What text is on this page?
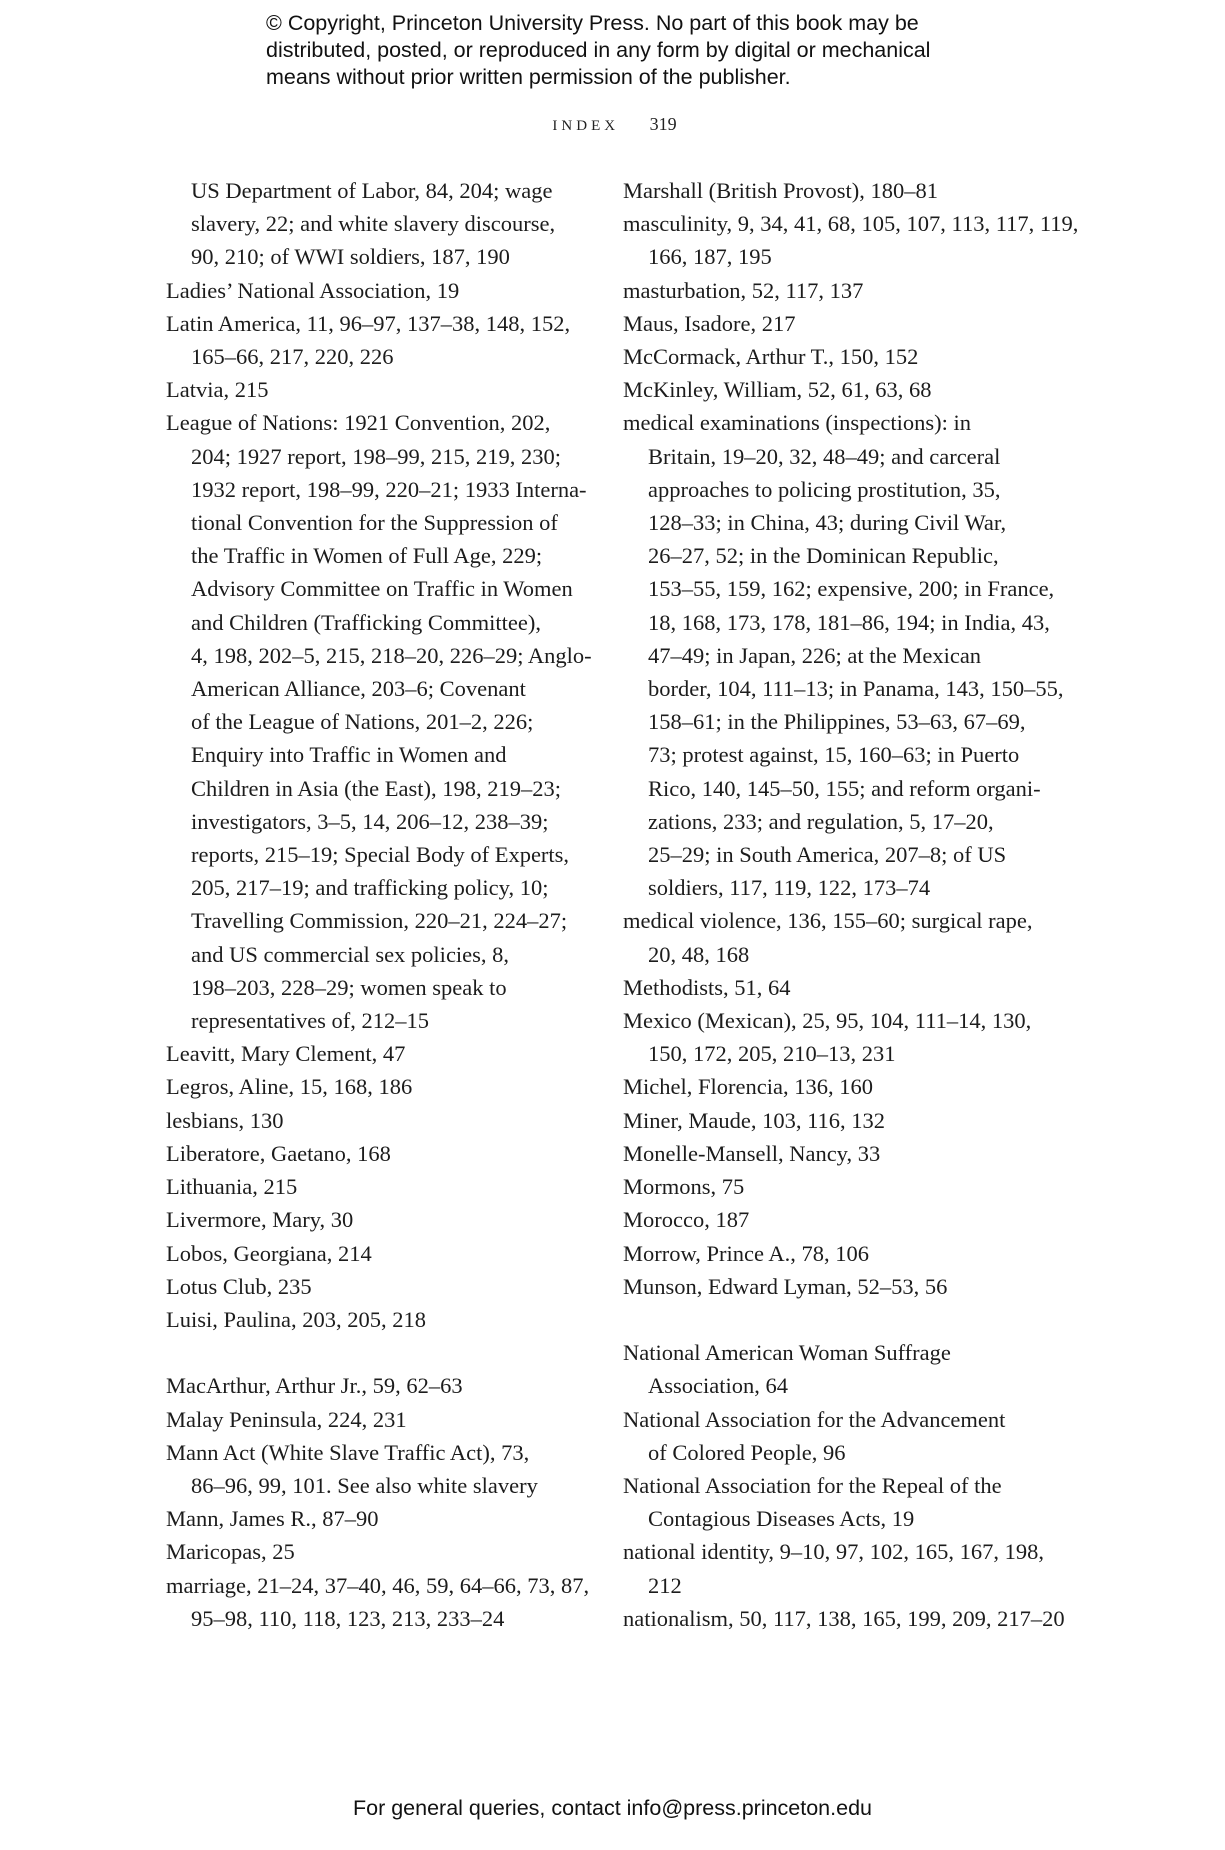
© Copyright, Princeton University Press. No part of this book may be
distributed, posted, or reproduced in any form by digital or mechanical
means without prior written permission of the publisher.
INDEX 319
US Department of Labor, 84, 204; wage
slavery, 22; and white slavery discourse,
90, 210; of WWI soldiers, 187, 190
Ladies’ National Association, 19
Latin America, 11, 96–97, 137–38, 148, 152,
165–66, 217, 220, 226
Latvia, 215
League of Nations: 1921 Convention, 202,
204; 1927 report, 198–99, 215, 219, 230;
1932 report, 198–99, 220–21; 1933 Interna-
tional Convention for the Suppression of
the Traffic in Women of Full Age, 229;
Advisory Committee on Traffic in Women
and Children (Trafficking Committee),
4, 198, 202–5, 215, 218–20, 226–29; Anglo-
American Alliance, 203–6; Covenant
of the League of Nations, 201–2, 226;
Enquiry into Traffic in Women and
Children in Asia (the East), 198, 219–23;
investigators, 3–5, 14, 206–12, 238–39;
reports, 215–19; Special Body of Experts,
205, 217–19; and trafficking policy, 10;
Travelling Commission, 220–21, 224–27;
and US commercial sex policies, 8,
198–203, 228–29; women speak to
representatives of, 212–15
Leavitt, Mary Clement, 47
Legros, Aline, 15, 168, 186
lesbians, 130
Liberatore, Gaetano, 168
Lithuania, 215
Livermore, Mary, 30
Lobos, Georgiana, 214
Lotus Club, 235
Luisi, Paulina, 203, 205, 218
MacArthur, Arthur Jr., 59, 62–63
Malay Peninsula, 224, 231
Mann Act (White Slave Traffic Act), 73,
86–96, 99, 101. See also white slavery
Mann, James R., 87–90
Maricopas, 25
marriage, 21–24, 37–40, 46, 59, 64–66, 73, 87,
95–98, 110, 118, 123, 213, 233–24
Marshall (British Provost), 180–81
masculinity, 9, 34, 41, 68, 105, 107, 113, 117, 119,
166, 187, 195
masturbation, 52, 117, 137
Maus, Isadore, 217
McCormack, Arthur T., 150, 152
McKinley, William, 52, 61, 63, 68
medical examinations (inspections): in
Britain, 19–20, 32, 48–49; and carceral
approaches to policing prostitution, 35,
128–33; in China, 43; during Civil War,
26–27, 52; in the Dominican Republic,
153–55, 159, 162; expensive, 200; in France,
18, 168, 173, 178, 181–86, 194; in India, 43,
47–49; in Japan, 226; at the Mexican
border, 104, 111–13; in Panama, 143, 150–55,
158–61; in the Philippines, 53–63, 67–69,
73; protest against, 15, 160–63; in Puerto
Rico, 140, 145–50, 155; and reform organi-
zations, 233; and regulation, 5, 17–20,
25–29; in South America, 207–8; of US
soldiers, 117, 119, 122, 173–74
medical violence, 136, 155–60; surgical rape,
20, 48, 168
Methodists, 51, 64
Mexico (Mexican), 25, 95, 104, 111–14, 130,
150, 172, 205, 210–13, 231
Michel, Florencia, 136, 160
Miner, Maude, 103, 116, 132
Monelle-Mansell, Nancy, 33
Mormons, 75
Morocco, 187
Morrow, Prince A., 78, 106
Munson, Edward Lyman, 52–53, 56
National American Woman Suffrage
Association, 64
National Association for the Advancement
of Colored People, 96
National Association for the Repeal of the
Contagious Diseases Acts, 19
national identity, 9–10, 97, 102, 165, 167, 198,
212
nationalism, 50, 117, 138, 165, 199, 209, 217–20
For general queries, contact info@press.princeton.edu
